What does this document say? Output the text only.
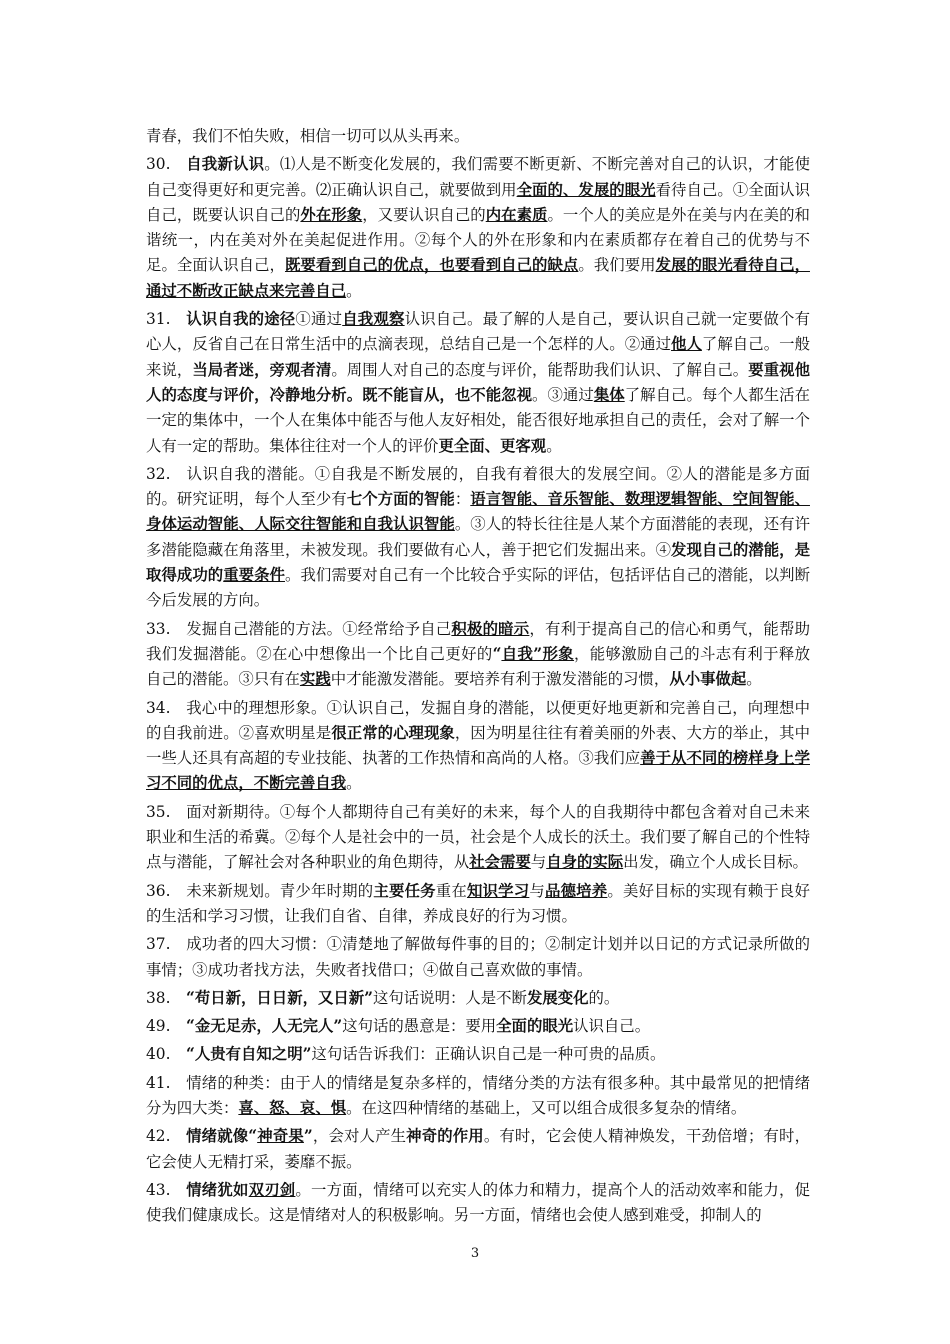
青春，我们不怕失败，相信一切可以从头再来。

30. 自我新认识。⑴人是不断变化发展的，我们需要不断更新、不断完善对自己的认识，才能使自己变得更好和更完善。⑵正确认识自己，就要做到用全面的、发展的眼光看待自己。①全面认识自己，既要认识自己的外在形象，又要认识自己的内在素质。一个人的美应是外在美与内在美的和谐统一，内在美对外在美起促进作用。②每个人的外在形象和内在素质都存在着自己的优势与不足。全面认识自己，既要看到自己的优点，也要看到自己的缺点。我们要用发展的眼光看待自己，通过不断改正缺点来完善自己。

31. 认识自我的途径①通过自我观察认识自己。最了解的人是自己，要认识自己就一定要做个有心人，反省自己在日常生活中的点滴表现，总结自己是一个怎样的人。②通过他人了解自己。一般来说，当局者迷，旁观者清。周围人对自己的态度与评价，能帮助我们认识、了解自己。要重视他人的态度与评价，冷静地分析。既不能盲从，也不能忽视。③通过集体了解自己。每个人都生活在一定的集体中，一个人在集体中能否与他人友好相处，能否很好地承担自己的责任，会对了解一个人有一定的帮助。集体往往对一个人的评价更全面、更客观。

32. 认识自我的潜能。①自我是不断发展的，自我有着很大的发展空间。②人的潜能是多方面的。研究证明，每个人至少有七个方面的智能：语言智能、音乐智能、数理逻辑智能、空间智能、身体运动智能、人际交往智能和自我认识智能。③人的特长往往是人某个方面潜能的表现，还有许多潜能隐藏在角落里，未被发现。我们要做有心人，善于把它们发掘出来。④发现自己的潜能，是取得成功的重要条件。我们需要对自己有一个比较合乎实际的评估，包括评估自己的潜能，以判断今后发展的方向。

33. 发掘自己潜能的方法。①经常给予自己积极的暗示，有利于提高自己的信心和勇气，能帮助我们发掘潜能。②在心中想像出一个比自己更好的“自我”形象，能够激励自己的斗志有利于释放自己的潜能。③只有在实践中才能激发潜能。要培养有利于激发潜能的习惯，从小事做起。

34. 我心中的理想形象。①认识自己，发掘自身的潜能，以便更好地更新和完善自己，向理想中的自我前进。②喜欢明星是很正常的心理现象，因为明星往往有着美丽的外表、大方的举止，其中一些人还具有高超的专业技能、执著的工作热情和高尚的人格。③我们应善于从不同的榜样身上学习不同的优点，不断完善自我。

35. 面对新期待。①每个人都期待自己有美好的未来，每个人的自我期待中都包含着对自己未来职业和生活的希冀。②每个人是社会中的一员，社会是个人成长的沃土。我们要了解自己的个性特点与潜能，了解社会对各种职业的角色期待，从社会需要与自身的实际出发，确立个人成长目标。

36. 未来新规划。青少年时期的主要任务重在知识学习与品德培养。美好目标的实现有赖于良好的生活和学习习惯，让我们自省、自律，养成良好的行为习惯。

37. 成功者的四大习惯：①清楚地了解做每件事的目的；②制定计划并以日记的方式记录所做的事情；③成功者找方法，失败者找借口；④做自己喜欢做的事情。

38. “苟日新，日日新，又日新”这句话说明：人是不断发展变化的。

49. “金无足赤，人无完人”这句话的愚意是：要用全面的眼光认识自己。

40. “人贵有自知之明”这句话告诉我们：正确认识自己是一种可贵的品质。

41. 情绪的种类：由于人的情绪是复杂多样的，情绪分类的方法有很多种。其中最常见的把情绪分为四大类：喜、怒、哀、惧。在这四种情绪的基础上，又可以组合成很多复杂的情绪。

42. 情绪就像“神奇果”，会对人产生神奇的作用。有时，它会使人精神焕发，干劲倍增；有时，它会使人无精打采，萎靡不振。

43. 情绪犹如双刃剑。一方面，情绪可以充实人的体力和精力，提高个人的活动效率和能力，促使我们健康成长。这是情绪对人的积极影响。另一方面，情绪也会使人感到难受，抑制人的

3
